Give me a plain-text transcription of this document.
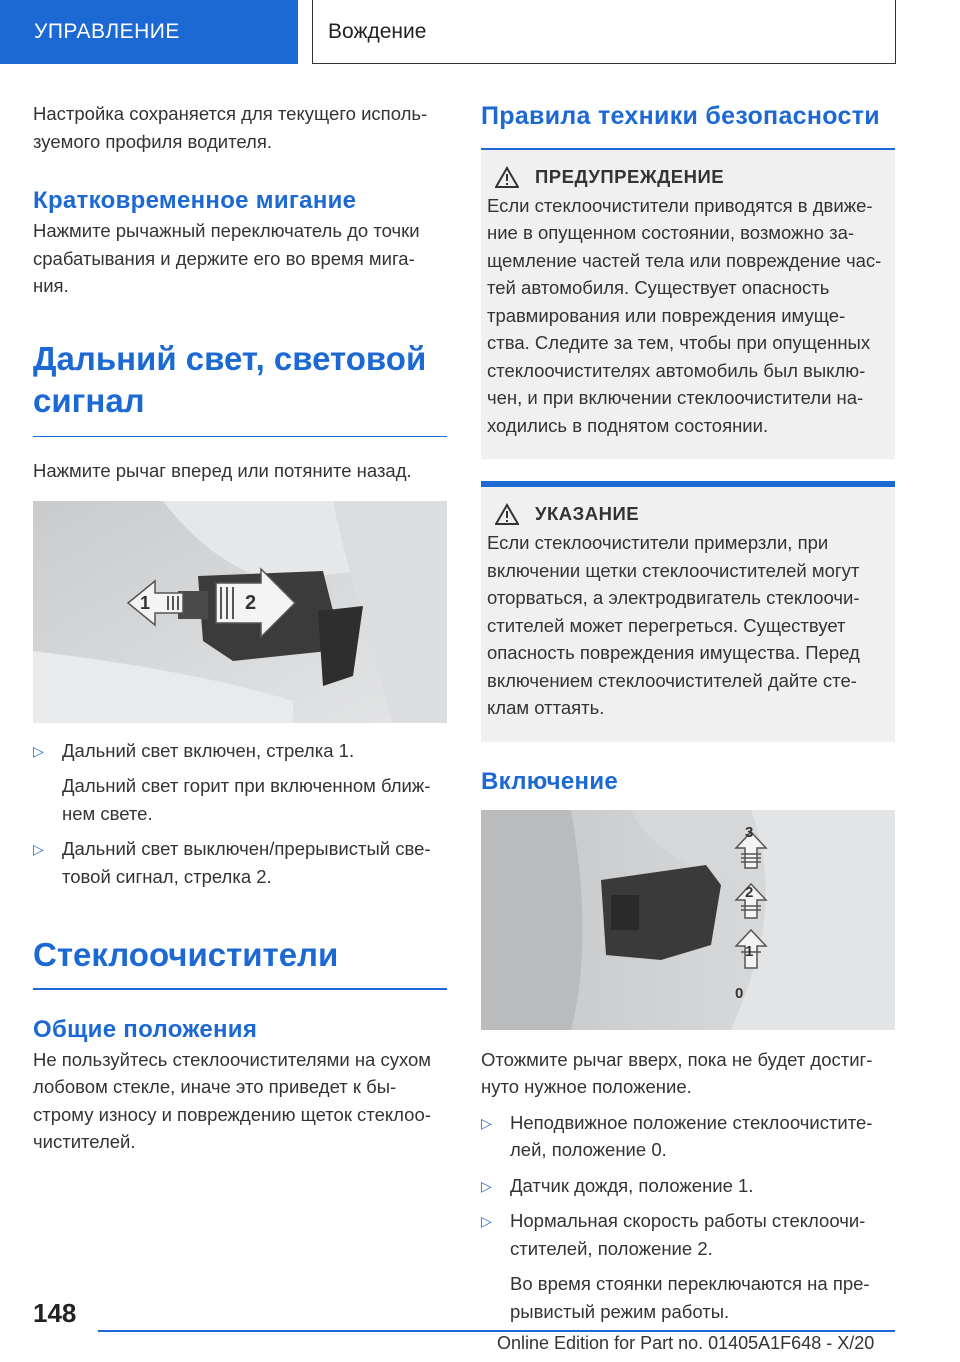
УПРАВЛЕНИЕ	Вождение

Настройка сохраняется для текущего исполь-зуемого профиля водителя.

Кратковременное мигание

Нажмите рычажный переключатель до точки срабатывания и держите его во время мига-ния.

Дальний свет, световой сигнал

Нажмите рычаг вперед или потяните назад.

1	2
▷ Дальний свет включен, стрелка 1.
Дальний свет горит при включенном ближ-нем свете.
▷ Дальний свет выключен/прерывистый све-товой сигнал, стрелка 2.
Стеклоочистители
Общие положения

Не пользуйтесь стеклоочистителями на сухом лобовом стекле, иначе это приведет к бы-строму износу и повреждению щеток стеклоо-чистителей.

Правила техники безопасности
ПРЕДУПРЕЖДЕНИЕ

Если стеклоочистители приводятся в движе-ние в опущенном состоянии, возможно за-щемление частей тела или повреждение час-тей автомобиля. Существует опасность травмирования или повреждения имуще-ства. Следите за тем, чтобы при опущенных стеклоочистителях автомобиль был выклю-чен, и при включении стеклоочистители на-ходились в поднятом состоянии.

УКАЗАНИЕ

Если стеклоочистители примерзли, при включении щетки стеклоочистителей могут оторваться, а электродвигатель стеклоочи-стителей может перегреться. Существует опасность повреждения имущества. Перед включением стеклоочистителей дайте сте-клам оттаять.

Включение
3
2
1
0

Отожмите рычаг вверх, пока не будет достиг-нуто нужное положение.

▷ Неподвижное положение стеклоочистите-лей, положение 0.
▷ Датчик дождя, положение 1.
▷ Нормальная скорость работы стеклоочи-стителей, положение 2.
Во время стоянки переключаются на пре-рывистый режим работы.
148
Online Edition for Part no. 01405A1F648 - X/20
